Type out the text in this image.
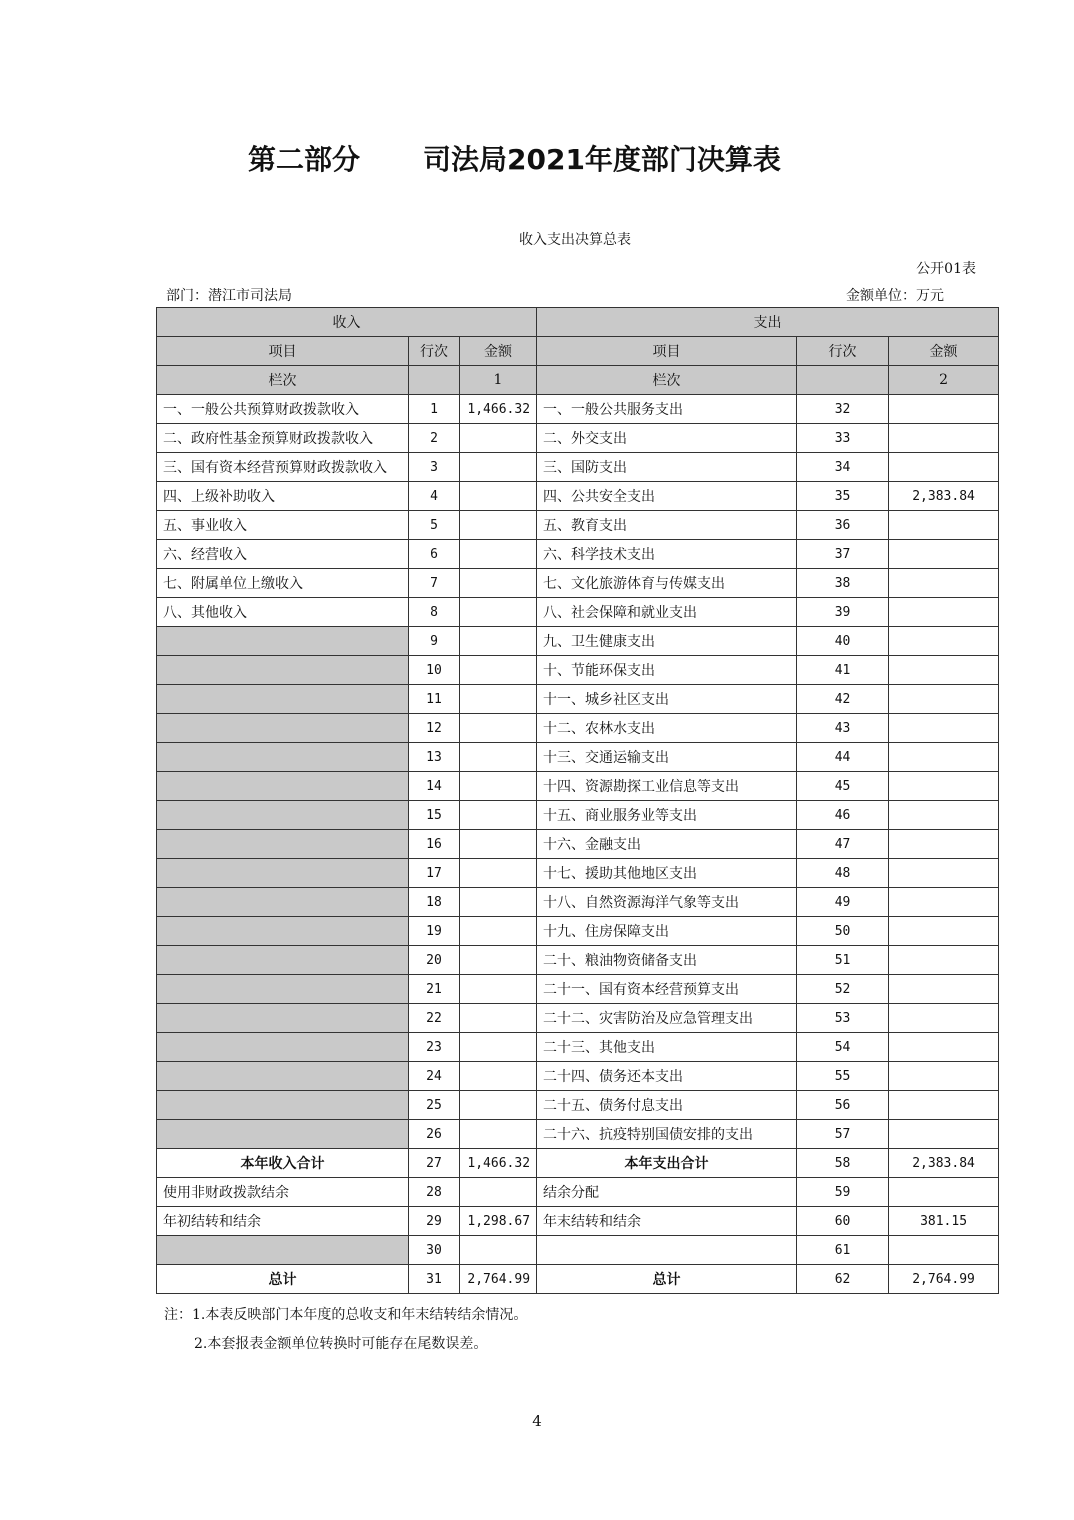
第二部分 司法局2021年度部门决算表
收入支出决算总表
公开01表
部门：潜江市司法局	金额单位：万元
收入			支出		
项目	行次	金额	项目	行次	金额
栏次		1	栏次		2
一、一般公共预算财政拨款收入	1	1,466.32	一、一般公共服务支出	32	
二、政府性基金预算财政拨款收入	2		二、外交支出	33	
三、国有资本经营预算财政拨款收入	3		三、国防支出	34	
四、上级补助收入	4		四、公共安全支出	35	2,383.84
五、事业收入	5		五、教育支出	36	
六、经营收入	6		六、科学技术支出	37	
七、附属单位上缴收入	7		七、文化旅游体育与传媒支出	38	
八、其他收入	8		八、社会保障和就业支出	39	
	9		九、卫生健康支出	40	
	10		十、节能环保支出	41	
	11		十一、城乡社区支出	42	
	12		十二、农林水支出	43	
	13		十三、交通运输支出	44	
	14		十四、资源勘探工业信息等支出	45	
	15		十五、商业服务业等支出	46	
	16		十六、金融支出	47	
	17		十七、援助其他地区支出	48	
	18		十八、自然资源海洋气象等支出	49	
	19		十九、住房保障支出	50	
	20		二十、粮油物资储备支出	51	
	21		二十一、国有资本经营预算支出	52	
	22		二十二、灾害防治及应急管理支出	53	
	23		二十三、其他支出	54	
	24		二十四、债务还本支出	55	
	25		二十五、债务付息支出	56	
	26		二十六、抗疫特别国债安排的支出	57	
本年收入合计	27	1,466.32	本年支出合计	58	2,383.84
使用非财政拨款结余	28		结余分配	59	
年初结转和结余	29	1,298.67	年末结转和结余	60	381.15
	30			61	
总计	31	2,764.99	总计	62	2,764.99
注：1.本表反映部门本年度的总收支和年末结转结余情况。
2.本套报表金额单位转换时可能存在尾数误差。
4
